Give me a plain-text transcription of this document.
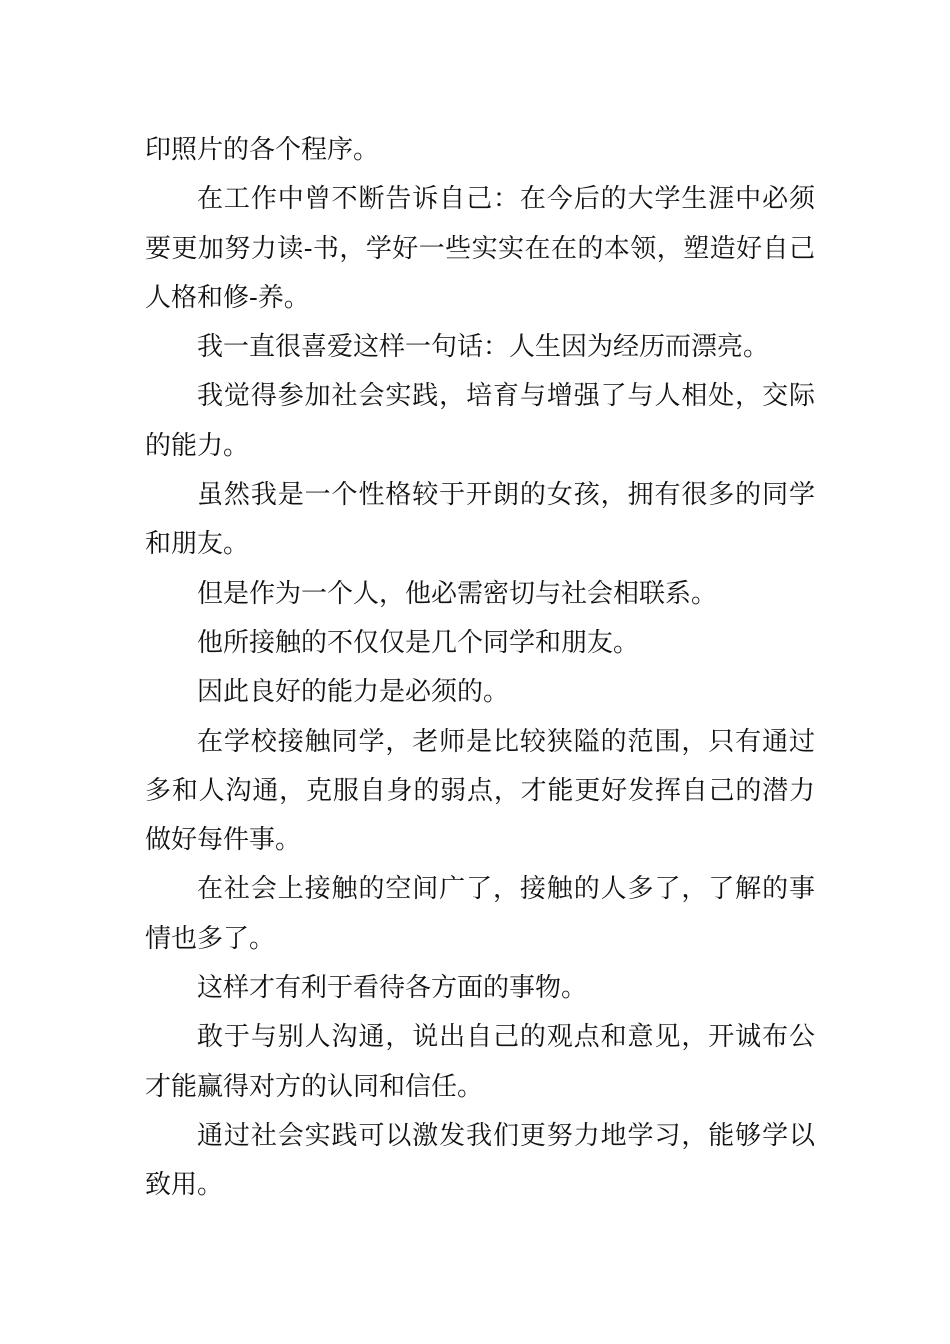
印照片的各个程序。
在工作中曾不断告诉自己：在今后的大学生涯中必须
要更加努力读-书，学好一些实实在在的本领，塑造好自己
人格和修-养。
我一直很喜爱这样一句话：人生因为经历而漂亮。
我觉得参加社会实践，培育与增强了与人相处，交际
的能力。
虽然我是一个性格较于开朗的女孩，拥有很多的同学
和朋友。
但是作为一个人，他必需密切与社会相联系。
他所接触的不仅仅是几个同学和朋友。
因此良好的能力是必须的。
在学校接触同学，老师是比较狭隘的范围，只有通过
多和人沟通，克服自身的弱点，才能更好发挥自己的潜力
做好每件事。
在社会上接触的空间广了，接触的人多了，了解的事
情也多了。
这样才有利于看待各方面的事物。
敢于与别人沟通，说出自己的观点和意见，开诚布公
才能赢得对方的认同和信任。
通过社会实践可以激发我们更努力地学习，能够学以
致用。
